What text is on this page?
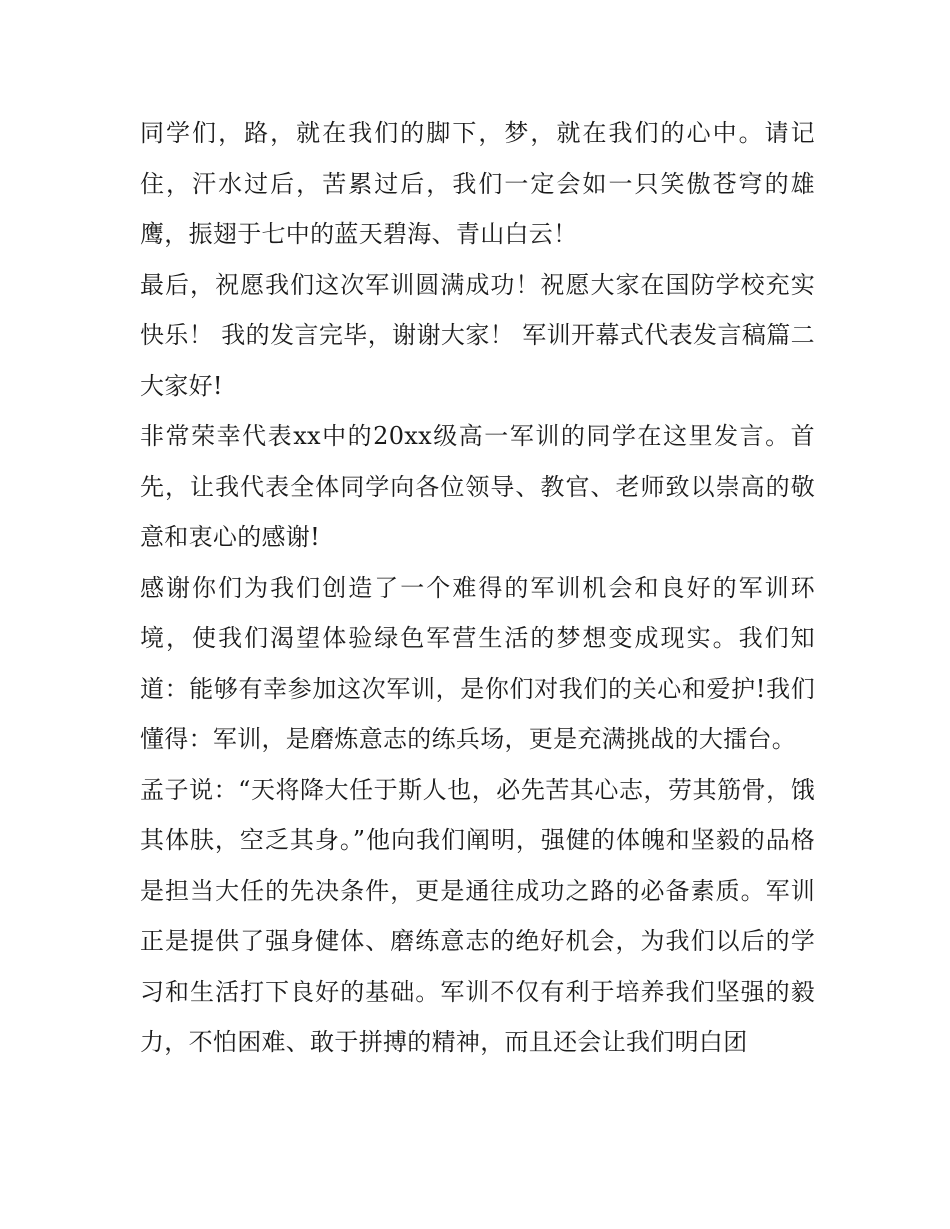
同学们，路，就在我们的脚下，梦，就在我们的心中。请记住，汗水过后，苦累过后，我们一定会如一只笑傲苍穹的雄鹰，振翅于七中的蓝天碧海、青山白云！

最后，祝愿我们这次军训圆满成功！祝愿大家在国防学校充实快乐！ 我的发言完毕，谢谢大家！ 军训开幕式代表发言稿篇二 大家好!

非常荣幸代表xx中的20xx级高一军训的同学在这里发言。首先，让我代表全体同学向各位领导、教官、老师致以崇高的敬意和衷心的感谢!

感谢你们为我们创造了一个难得的军训机会和良好的军训环境，使我们渴望体验绿色军营生活的梦想变成现实。我们知道：能够有幸参加这次军训，是你们对我们的关心和爱护!我们懂得：军训，是磨炼意志的练兵场，更是充满挑战的大擂台。

孟子说：“天将降大任于斯人也，必先苦其心志，劳其筋骨，饿其体肤，空乏其身。”他向我们阐明，强健的体魄和坚毅的品格是担当大任的先决条件，更是通往成功之路的必备素质。军训正是提供了强身健体、磨练意志的绝好机会，为我们以后的学习和生活打下良好的基础。军训不仅有利于培养我们坚强的毅力，不怕困难、敢于拼搏的精神，而且还会让我们明白团
